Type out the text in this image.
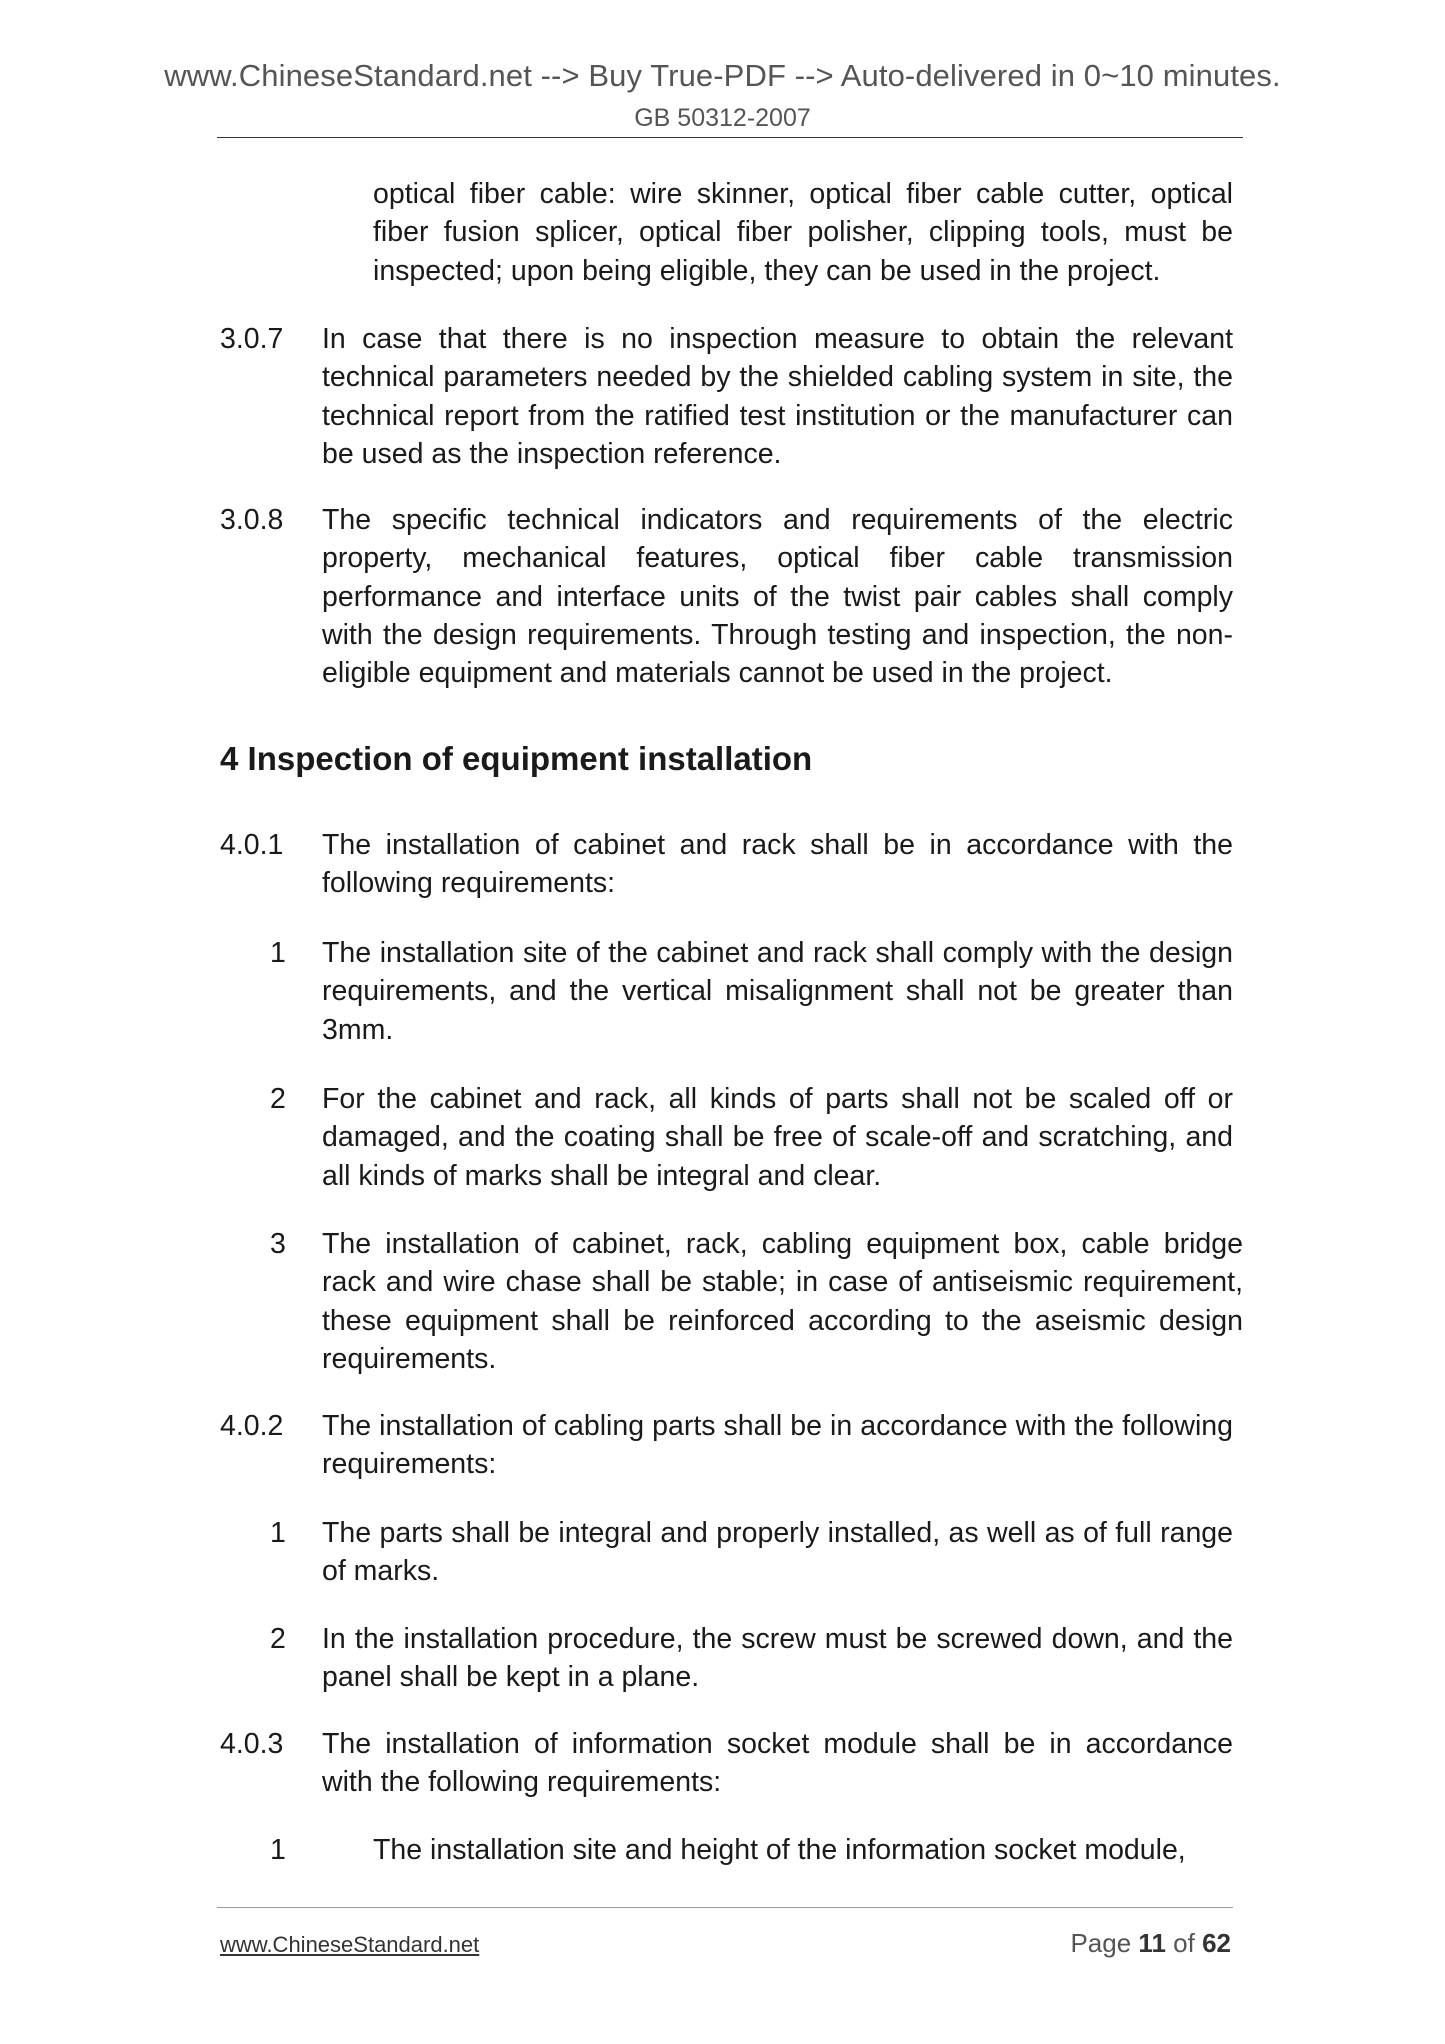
www.ChineseStandard.net --> Buy True-PDF --> Auto-delivered in 0~10 minutes.
GB 50312-2007

optical fiber cable: wire skinner, optical fiber cable cutter, optical fiber fusion splicer, optical fiber polisher, clipping tools, must be inspected; upon being eligible, they can be used in the project.

3.0.7 In case that there is no inspection measure to obtain the relevant technical parameters needed by the shielded cabling system in site, the technical report from the ratified test institution or the manufacturer can be used as the inspection reference.

3.0.8 The specific technical indicators and requirements of the electric property, mechanical features, optical fiber cable transmission performance and interface units of the twist pair cables shall comply with the design requirements. Through testing and inspection, the non-eligible equipment and materials cannot be used in the project.

4 Inspection of equipment installation

4.0.1 The installation of cabinet and rack shall be in accordance with the following requirements:

1 The installation site of the cabinet and rack shall comply with the design requirements, and the vertical misalignment shall not be greater than 3mm.

2 For the cabinet and rack, all kinds of parts shall not be scaled off or damaged, and the coating shall be free of scale-off and scratching, and all kinds of marks shall be integral and clear.

3 The installation of cabinet, rack, cabling equipment box, cable bridge rack and wire chase shall be stable; in case of antiseismic requirement, these equipment shall be reinforced according to the aseismic design requirements.

4.0.2 The installation of cabling parts shall be in accordance with the following requirements:

1 The parts shall be integral and properly installed, as well as of full range of marks.

2 In the installation procedure, the screw must be screwed down, and the panel shall be kept in a plane.

4.0.3 The installation of information socket module shall be in accordance with the following requirements:

1	The installation site and height of the information socket module,

www.ChineseStandard.net	Page 11 of 62
